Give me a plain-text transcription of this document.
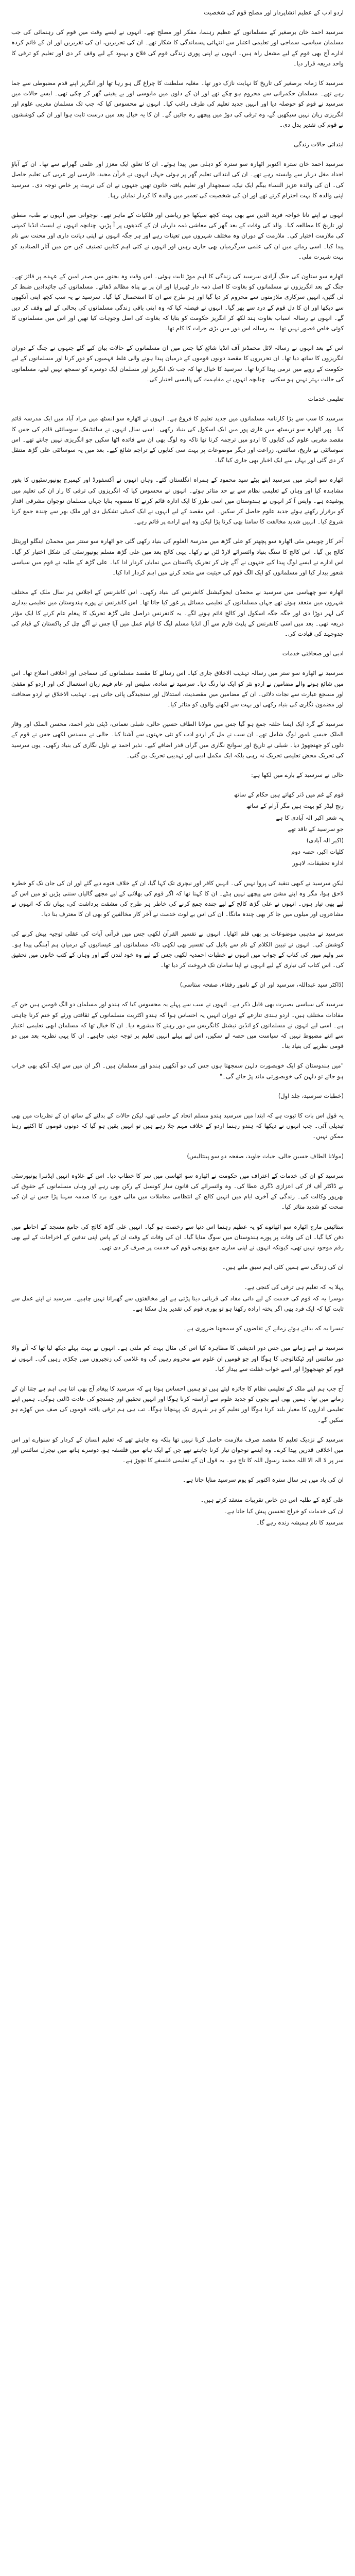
اردو ادب کے عظیم انشاپرداز اور مصلح قوم کی شخصیت

سرسید احمد خان برصغیر کے مسلمانوں کے عظیم رہنما، مفکر اور مصلح تھے۔ انہوں نے ایسے وقت میں قوم کی رہنمائی کی جب مسلمان سیاسی، سماجی اور تعلیمی اعتبار سے انتہائی پسماندگی کا شکار تھے۔ ان کی تحریریں، ان کی تقریریں اور ان کے قائم کردہ ادارے آج بھی قوم کے لیے مشعل راہ ہیں۔ انہوں نے اپنی پوری زندگی قوم کی فلاح و بہبود کے لیے وقف کر دی اور تعلیم کو ترقی کا واحد ذریعہ قرار دیا۔

سرسید کا زمانہ برصغیر کی تاریخ کا نہایت نازک دور تھا۔ مغلیہ سلطنت کا چراغ گل ہو رہا تھا اور انگریز اپنے قدم مضبوطی سے جما رہے تھے۔ مسلمان حکمرانی سے محروم ہو چکے تھے اور ان کے دلوں میں مایوسی اور بے یقینی گھر کر چکی تھی۔ ایسے حالات میں سرسید نے قوم کو حوصلہ دیا اور انہیں جدید تعلیم کی طرف راغب کیا۔ انہوں نے محسوس کیا کہ جب تک مسلمان مغربی علوم اور انگریزی زبان نہیں سیکھیں گے، وہ ترقی کی دوڑ میں پیچھے رہ جائیں گے۔ ان کا یہ خیال بعد میں درست ثابت ہوا اور ان کی کوششوں نے قوم کی تقدیر بدل دی۔

ابتدائی حالات زندگی

سرسید احمد خان سترہ اکتوبر اٹھارہ سو سترہ کو دہلی میں پیدا ہوئے۔ ان کا تعلق ایک معزز اور علمی گھرانے سے تھا۔ ان کے آباؤ اجداد مغل دربار سے وابستہ رہے تھے۔ ان کی ابتدائی تعلیم گھر پر ہوئی جہاں انہوں نے قرآن مجید، فارسی اور عربی کی تعلیم حاصل کی۔ ان کی والدہ عزیز النساء بیگم ایک نیک، سمجھدار اور تعلیم یافتہ خاتون تھیں جنہوں نے ان کی تربیت پر خاص توجہ دی۔ سرسید اپنی والدہ کا بہت احترام کرتے تھے اور ان کی شخصیت کی تعمیر میں والدہ کا کردار نمایاں رہا۔

انہوں نے اپنے نانا خواجہ فرید الدین سے بھی بہت کچھ سیکھا جو ریاضی اور فلکیات کے ماہر تھے۔ نوجوانی میں انہوں نے طب، منطق اور تاریخ کا مطالعہ کیا۔ والد کی وفات کے بعد گھر کی معاشی ذمہ داریاں ان کے کندھوں پر آ پڑیں، چنانچہ انہوں نے ایسٹ انڈیا کمپنی کی ملازمت اختیار کی۔ ملازمت کے دوران وہ مختلف شہروں میں تعینات رہے اور ہر جگہ انہوں نے اپنی دیانت داری اور محنت سے نام پیدا کیا۔ اسی زمانے میں ان کی علمی سرگرمیاں بھی جاری رہیں اور انہوں نے کئی اہم کتابیں تصنیف کیں جن میں آثار الصنادید کو بہت شہرت ملی۔

اٹھارہ سو ستاون کی جنگ آزادی سرسید کی زندگی کا اہم موڑ ثابت ہوئی۔ اس وقت وہ بجنور میں صدر امین کے عہدے پر فائز تھے۔ جنگ کے بعد انگریزوں نے مسلمانوں کو بغاوت کا اصل ذمہ دار ٹھہرایا اور ان پر بے پناہ مظالم ڈھائے۔ مسلمانوں کی جائیدادیں ضبط کر لی گئیں، انہیں سرکاری ملازمتوں سے محروم کر دیا گیا اور ہر طرح سے ان کا استحصال کیا گیا۔ سرسید نے یہ سب کچھ اپنی آنکھوں سے دیکھا اور ان کا دل قوم کے درد سے بھر گیا۔ انہوں نے فیصلہ کیا کہ وہ اپنی باقی زندگی مسلمانوں کی بحالی کے لیے وقف کر دیں گے۔ انہوں نے رسالہ اسباب بغاوت ہند لکھ کر انگریز حکومت کو بتایا کہ بغاوت کی اصل وجوہات کیا تھیں اور اس میں مسلمانوں کا کوئی خاص قصور نہیں تھا۔ یہ رسالہ اس دور میں بڑی جرات کا کام تھا۔

اس کے بعد انہوں نے رسالہ لائل محمڈنز آف انڈیا شائع کیا جس میں ان مسلمانوں کے حالات بیان کیے گئے جنہوں نے جنگ کے دوران انگریزوں کا ساتھ دیا تھا۔ ان تحریروں کا مقصد دونوں قوموں کے درمیان پیدا ہونے والی غلط فہمیوں کو دور کرنا اور مسلمانوں کے لیے حکومت کے رویے میں نرمی پیدا کرنا تھا۔ سرسید کا خیال تھا کہ جب تک انگریز اور مسلمان ایک دوسرے کو سمجھ نہیں لیتے، مسلمانوں کی حالت بہتر نہیں ہو سکتی۔ چنانچہ انہوں نے مفاہمت کی پالیسی اختیار کی۔

تعلیمی خدمات

سرسید کا سب سے بڑا کارنامہ مسلمانوں میں جدید تعلیم کا فروغ ہے۔ انہوں نے اٹھارہ سو انسٹھ میں مراد آباد میں ایک مدرسہ قائم کیا۔ پھر اٹھارہ سو تریسٹھ میں غازی پور میں ایک اسکول کی بنیاد رکھی۔ اسی سال انہوں نے سائنٹیفک سوسائٹی قائم کی جس کا مقصد مغربی علوم کی کتابوں کا اردو میں ترجمہ کرنا تھا تاکہ وہ لوگ بھی ان سے فائدہ اٹھا سکیں جو انگریزی نہیں جانتے تھے۔ اس سوسائٹی نے تاریخ، سائنس، زراعت اور دیگر موضوعات پر بہت سی کتابوں کے تراجم شائع کیے۔ بعد میں یہ سوسائٹی علی گڑھ منتقل کر دی گئی اور یہاں سے ایک اخبار بھی جاری کیا گیا۔

اٹھارہ سو انہتر میں سرسید اپنے بیٹے سید محمود کے ہمراہ انگلستان گئے۔ وہاں انہوں نے آکسفورڈ اور کیمبرج یونیورسٹیوں کا بغور مشاہدہ کیا اور وہاں کے تعلیمی نظام سے بے حد متاثر ہوئے۔ انہوں نے محسوس کیا کہ انگریزوں کی ترقی کا راز ان کی تعلیم میں پوشیدہ ہے۔ واپس آ کر انہوں نے ہندوستان میں اسی طرز کا ایک ادارہ قائم کرنے کا منصوبہ بنایا جہاں مسلمان نوجوان مشرقی اقدار کو برقرار رکھتے ہوئے جدید علوم حاصل کر سکیں۔ اس مقصد کے لیے انہوں نے ایک کمیٹی تشکیل دی اور ملک بھر سے چندہ جمع کرنا شروع کیا۔ انہیں شدید مخالفت کا سامنا بھی کرنا پڑا لیکن وہ اپنے ارادے پر قائم رہے۔

آخر کار چوبیس مئی اٹھارہ سو پچھتر کو علی گڑھ میں مدرسۃ العلوم کی بنیاد رکھی گئی جو اٹھارہ سو ستتر میں محمڈن اینگلو اورینٹل کالج بن گیا۔ اس کالج کا سنگ بنیاد وائسرائے لارڈ لٹن نے رکھا۔ یہی کالج بعد میں علی گڑھ مسلم یونیورسٹی کی شکل اختیار کر گیا۔ اس ادارے نے ایسے لوگ پیدا کیے جنہوں نے آگے چل کر تحریک پاکستان میں نمایاں کردار ادا کیا۔ علی گڑھ کے طلبہ نے قوم میں سیاسی شعور بیدار کیا اور مسلمانوں کو ایک الگ قوم کی حیثیت سے متحد کرنے میں اہم کردار ادا کیا۔

اٹھارہ سو چھیاسی میں سرسید نے محمڈن ایجوکیشنل کانفرنس کی بنیاد رکھی۔ اس کانفرنس کے اجلاس ہر سال ملک کے مختلف شہروں میں منعقد ہوتے تھے جہاں مسلمانوں کے تعلیمی مسائل پر غور کیا جاتا تھا۔ اس کانفرنس نے پورے ہندوستان میں تعلیمی بیداری کی لہر دوڑا دی اور جگہ جگہ اسکول اور کالج قائم ہونے لگے۔ یہ کانفرنس دراصل علی گڑھ تحریک کا پیغام عام کرنے کا ایک مؤثر ذریعہ تھی۔ بعد میں اسی کانفرنس کے پلیٹ فارم سے آل انڈیا مسلم لیگ کا قیام عمل میں آیا جس نے آگے چل کر پاکستان کے قیام کی جدوجہد کی قیادت کی۔

ادبی اور صحافتی خدمات

سرسید نے اٹھارہ سو ستر میں رسالہ تہذیب الاخلاق جاری کیا۔ اس رسالے کا مقصد مسلمانوں کی سماجی اور اخلاقی اصلاح تھا۔ اس میں شائع ہونے والے مضامین نے اردو نثر کو ایک نیا رنگ دیا۔ سرسید نے سادہ، سلیس اور عام فہم زبان استعمال کی اور اردو کو مقفیٰ اور مسجع عبارت سے نجات دلائی۔ ان کے مضامین میں مقصدیت، استدلال اور سنجیدگی پائی جاتی ہے۔ تہذیب الاخلاق نے اردو صحافت اور مضمون نگاری کی بنیاد رکھی اور بہت سے لکھنے والوں کو متاثر کیا۔

سرسید کے گرد ایک ایسا حلقہ جمع ہو گیا جس میں مولانا الطاف حسین حالی، شبلی نعمانی، ڈپٹی نذیر احمد، محسن الملک اور وقار الملک جیسے نامور لوگ شامل تھے۔ ان سب نے مل کر اردو ادب کو نئی جہتوں سے آشنا کیا۔ حالی نے مسدس لکھی جس نے قوم کے دلوں کو جھنجھوڑ دیا۔ شبلی نے تاریخ اور سوانح نگاری میں گراں قدر اضافے کیے۔ نذیر احمد نے ناول نگاری کی بنیاد رکھی۔ یوں سرسید کی تحریک محض تعلیمی تحریک نہ رہی بلکہ ایک مکمل ادبی اور تہذیبی تحریک بن گئی۔

حالی نے سرسید کے بارے میں لکھا ہے:

قوم کے غم میں ڈنر کھاتے ہیں حکام کے ساتھ

رنج لیڈر کو بہت ہیں مگر آرام کے ساتھ

یہ شعر اکبر الہ آبادی کا ہے

جو سرسید کے ناقد تھے

(اکبر الہ آبادی)

کلیات اکبر، حصہ دوم

ادارہ تحقیقات، لاہور

لیکن سرسید نے کبھی تنقید کی پروا نہیں کی۔ انہیں کافر اور نیچری تک کہا گیا، ان کے خلاف فتوے دیے گئے اور ان کی جان تک کو خطرہ لاحق ہوا، مگر وہ اپنے مشن سے پیچھے نہیں ہٹے۔ ان کا کہنا تھا کہ اگر قوم کی بھلائی کے لیے مجھے گالیاں سننی پڑیں تو میں اس کے لیے بھی تیار ہوں۔ انہوں نے علی گڑھ کالج کے لیے چندہ جمع کرنے کی خاطر ہر طرح کی مشقت برداشت کی، یہاں تک کہ انہوں نے مشاعروں اور میلوں میں جا کر بھی چندہ مانگا۔ ان کی اس بے لوث خدمت نے آخر کار مخالفین کو بھی ان کا معترف بنا دیا۔

سرسید نے مذہبی موضوعات پر بھی قلم اٹھایا۔ انہوں نے تفسیر القرآن لکھی جس میں قرآنی آیات کی عقلی توجیہ پیش کرنے کی کوشش کی۔ انہوں نے تبیین الکلام کے نام سے بائبل کی تفسیر بھی لکھی تاکہ مسلمانوں اور عیسائیوں کے درمیان ہم آہنگی پیدا ہو۔ سر ولیم میور کی کتاب کے جواب میں انہوں نے خطبات احمدیہ لکھی جس کے لیے وہ خود لندن گئے اور وہاں کے کتب خانوں میں تحقیق کی۔ اس کتاب کی تیاری کے لیے انہوں نے اپنا سامان تک فروخت کر دیا تھا۔

(ڈاکٹر سید عبداللہ، سرسید اور ان کے نامور رفقاء، صفحہ ستاسی)

سرسید کی سیاسی بصیرت بھی قابل ذکر ہے۔ انہوں نے سب سے پہلے یہ محسوس کیا کہ ہندو اور مسلمان دو الگ قومیں ہیں جن کے مفادات مختلف ہیں۔ اردو ہندی تنازعے کے دوران انہیں یہ احساس ہوا کہ ہندو اکثریت مسلمانوں کے ثقافتی ورثے کو ختم کرنا چاہتی ہے۔ اسی لیے انہوں نے مسلمانوں کو انڈین نیشنل کانگریس سے دور رہنے کا مشورہ دیا۔ ان کا خیال تھا کہ مسلمان ابھی تعلیمی اعتبار سے اتنے مضبوط نہیں کہ سیاست میں حصہ لے سکیں، اس لیے پہلے انہیں تعلیم پر توجہ دینی چاہیے۔ ان کا یہی نظریہ بعد میں دو قومی نظریے کی بنیاد بنا۔

"میں ہندوستان کو ایک خوبصورت دلہن سمجھتا ہوں جس کی دو آنکھیں ہندو اور مسلمان ہیں۔ اگر ان میں سے ایک آنکھ بھی خراب ہو جائے تو دلہن کی خوبصورتی ماند پڑ جائے گی۔"

(خطبات سرسید، جلد اول)

یہ قول اس بات کا ثبوت ہے کہ ابتدا میں سرسید ہندو مسلم اتحاد کے حامی تھے، لیکن حالات کے بدلنے کے ساتھ ان کے نظریات میں بھی تبدیلی آئی۔ جب انہوں نے دیکھا کہ ہندو رہنما اردو کے خلاف مہم چلا رہے ہیں تو انہیں یقین ہو گیا کہ دونوں قوموں کا اکٹھے رہنا ممکن نہیں۔

(مولانا الطاف حسین حالی، حیات جاوید، صفحہ دو سو پینتالیس)

سرسید کو ان کی خدمات کے اعتراف میں حکومت نے اٹھارہ سو اٹھاسی میں سر کا خطاب دیا۔ اس کے علاوہ انہیں ایڈنبرا یونیورسٹی نے ڈاکٹر آف لاز کی اعزازی ڈگری عطا کی۔ وہ وائسرائے کی قانون ساز کونسل کے رکن بھی رہے اور وہاں مسلمانوں کے حقوق کی بھرپور وکالت کی۔ زندگی کے آخری ایام میں انہیں کالج کے انتظامی معاملات میں مالی خورد برد کا صدمہ سہنا پڑا جس نے ان کی صحت کو شدید متاثر کیا۔

ستائیس مارچ اٹھارہ سو اٹھانوے کو یہ عظیم رہنما اس دنیا سے رخصت ہو گیا۔ انہیں علی گڑھ کالج کی جامع مسجد کے احاطے میں دفن کیا گیا۔ ان کی وفات پر پورے ہندوستان میں سوگ منایا گیا۔ ان کی وفات کے وقت ان کے پاس اپنی تدفین کے اخراجات کے لیے بھی رقم موجود نہیں تھی، کیونکہ انہوں نے اپنی ساری جمع پونجی قوم کی خدمت پر صرف کر دی تھی۔

ان کی زندگی سے ہمیں کئی اہم سبق ملتے ہیں۔

پہلا یہ کہ تعلیم ہی ترقی کی کنجی ہے۔

دوسرا یہ کہ قوم کی خدمت کے لیے ذاتی مفاد کی قربانی دینا پڑتی ہے اور مخالفتوں سے گھبرانا نہیں چاہیے۔ سرسید نے اپنے عمل سے ثابت کیا کہ ایک فرد بھی اگر پختہ ارادہ رکھتا ہو تو پوری قوم کی تقدیر بدل سکتا ہے۔

تیسرا یہ کہ بدلتے ہوئے زمانے کے تقاضوں کو سمجھنا ضروری ہے۔

سرسید نے اپنے زمانے میں جس دور اندیشی کا مظاہرہ کیا اس کی مثال بہت کم ملتی ہے۔ انہوں نے بہت پہلے دیکھ لیا تھا کہ آنے والا دور سائنس اور ٹیکنالوجی کا ہوگا اور جو قومیں ان علوم سے محروم رہیں گی وہ غلامی کی زنجیروں میں جکڑی رہیں گی۔ انہوں نے قوم کو جھنجھوڑا اور اسے خواب غفلت سے بیدار کیا۔

آج جب ہم اپنے ملک کے تعلیمی نظام کا جائزہ لیتے ہیں تو ہمیں احساس ہوتا ہے کہ سرسید کا پیغام آج بھی اتنا ہی اہم ہے جتنا ان کے زمانے میں تھا۔ ہمیں بھی اپنے بچوں کو جدید علوم سے آراستہ کرنا ہوگا اور انہیں تحقیق اور جستجو کی عادت ڈالنی ہوگی۔ ہمیں اپنے تعلیمی اداروں کا معیار بلند کرنا ہوگا اور تعلیم کو ہر شہری تک پہنچانا ہوگا۔ تب ہی ہم ترقی یافتہ قوموں کی صف میں کھڑے ہو سکیں گے۔

سرسید کے نزدیک تعلیم کا مقصد صرف ملازمت حاصل کرنا نہیں تھا بلکہ وہ چاہتے تھے کہ تعلیم انسان کے کردار کو سنوارے اور اس میں اخلاقی قدریں پیدا کرے۔ وہ ایسے نوجوان تیار کرنا چاہتے تھے جن کے ایک ہاتھ میں فلسفہ ہو، دوسرے ہاتھ میں نیچرل سائنس اور سر پر لا الہ الا اللہ محمد رسول اللہ کا تاج ہو۔ یہ قول ان کے تعلیمی فلسفے کا نچوڑ ہے۔

ان کی یاد میں ہر سال سترہ اکتوبر کو یوم سرسید منایا جاتا ہے۔

علی گڑھ کے طلبہ اس دن خاص تقریبات منعقد کرتے ہیں۔

ان کی خدمات کو خراج تحسین پیش کیا جاتا ہے۔

سرسید کا نام ہمیشہ زندہ رہے گا۔
